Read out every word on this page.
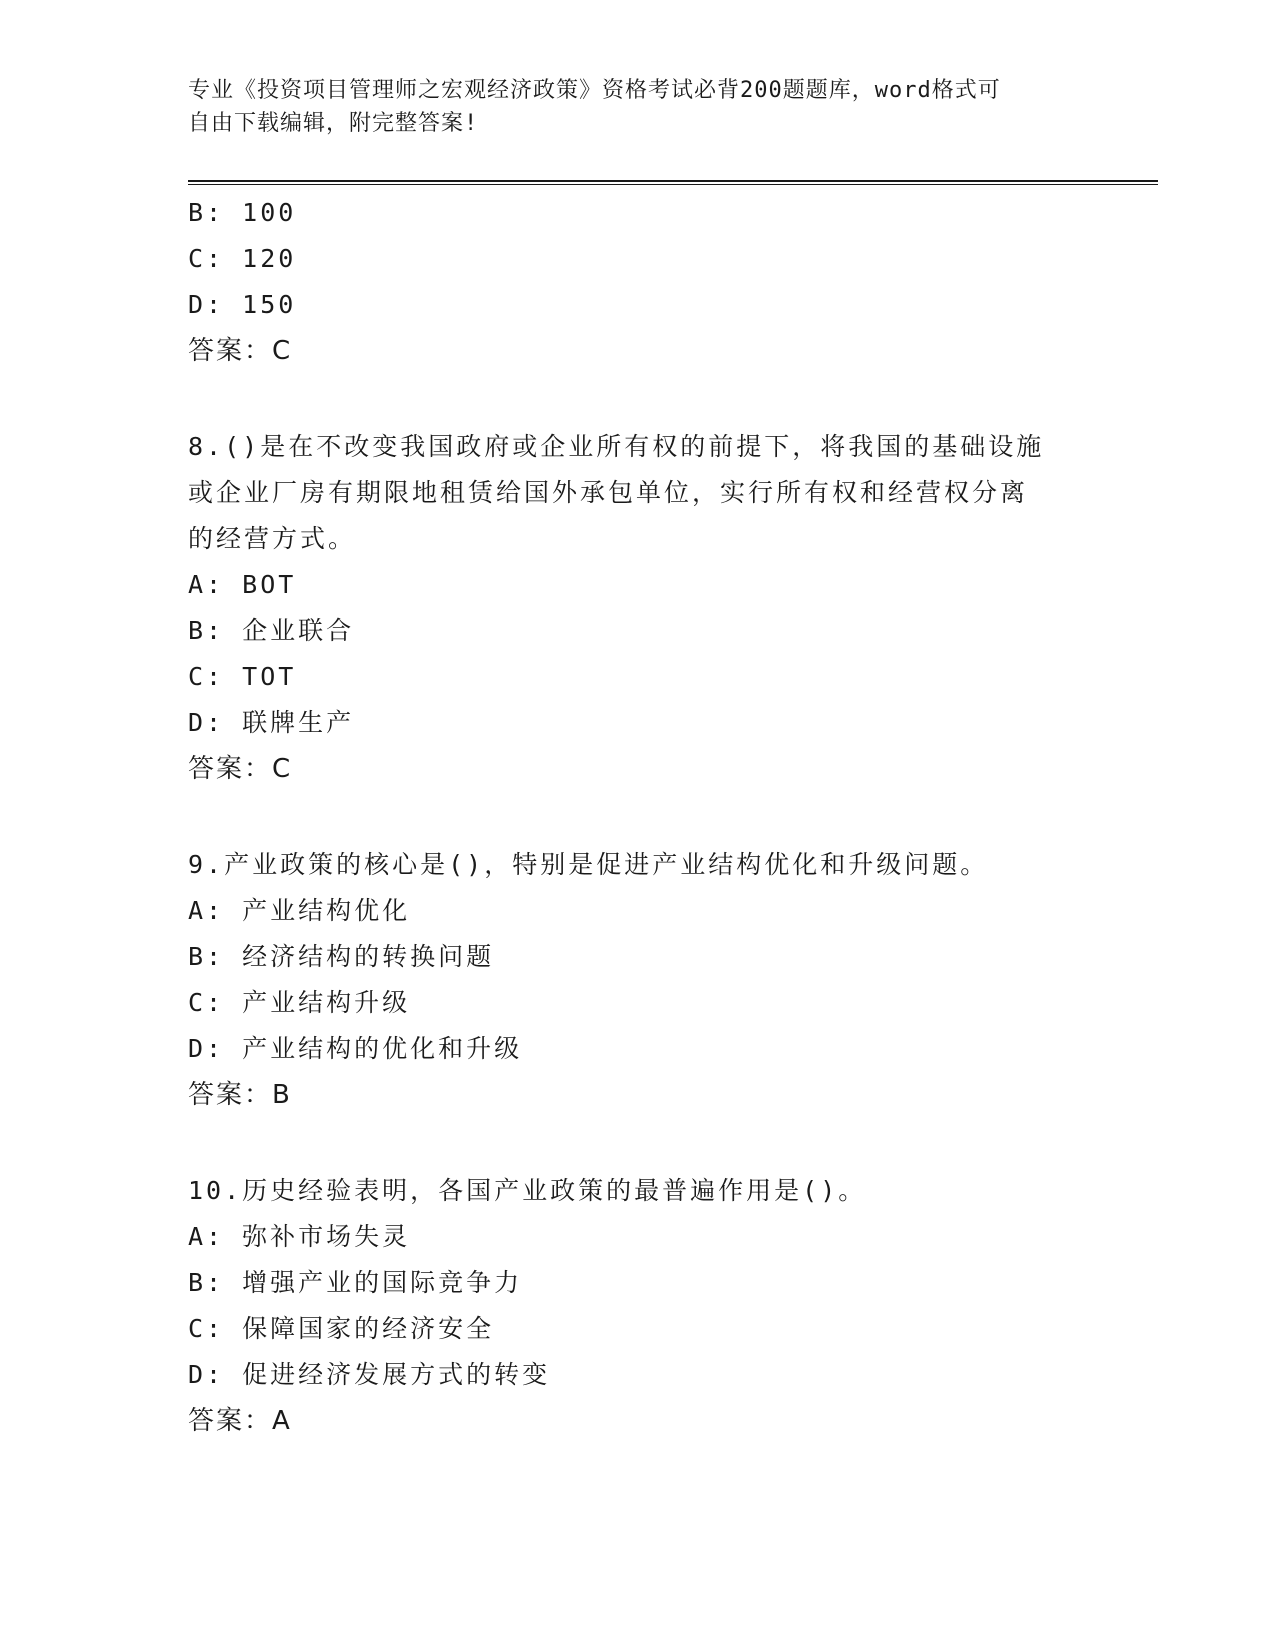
专业《投资项目管理师之宏观经济政策》资格考试必背200题题库，word格式可
自由下载编辑，附完整答案!
B: 100
C: 120
D: 150
答案：C
8.()是在不改变我国政府或企业所有权的前提下，将我国的基础设施
或企业厂房有期限地租赁给国外承包单位，实行所有权和经营权分离
的经营方式。
A: BOT
B: 企业联合
C: TOT
D: 联牌生产
答案：C
9.产业政策的核心是()，特别是促进产业结构优化和升级问题。
A: 产业结构优化
B: 经济结构的转换问题
C: 产业结构升级
D: 产业结构的优化和升级
答案：B
10.历史经验表明，各国产业政策的最普遍作用是()。
A: 弥补市场失灵
B: 增强产业的国际竞争力
C: 保障国家的经济安全
D: 促进经济发展方式的转变
答案：A
